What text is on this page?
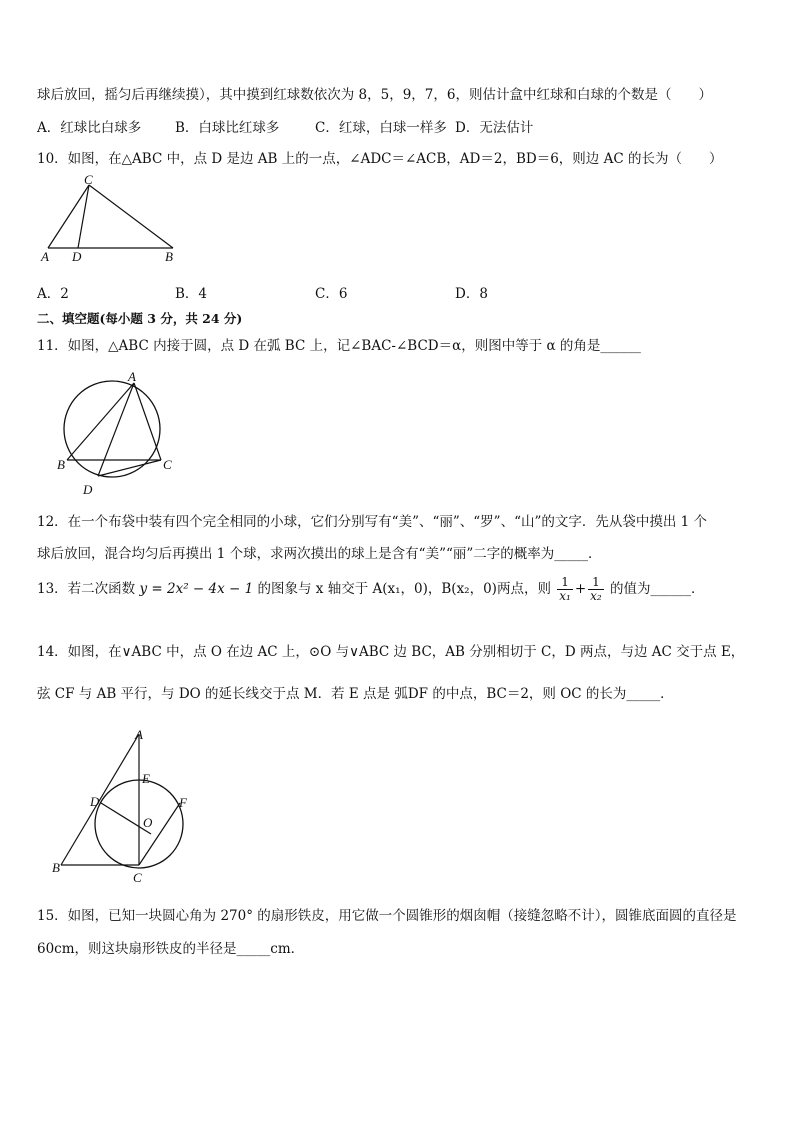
球后放回，摇匀后再继续摸），其中摸到红球数依次为 8，5，9，7，6，则估计盒中红球和白球的个数是（　　）
A．红球比白球多	B．白球比红球多	C．红球，白球一样多 D．无法估计
10．如图，在△ABC 中，点 D 是边 AB 上的一点，∠ADC＝∠ACB，AD＝2，BD＝6，则边 AC 的长为（　　）
C
A D	B
A．2	B．4	C．6	D．8
二、填空题(每小题 3 分，共 24 分)
11．如图，△ABC 内接于圆，点 D 在弧 BC 上，记∠BAC-∠BCD＝α，则图中等于 α 的角是______
A
B	C
D
12．在一个布袋中装有四个完全相同的小球，它们分别写有“美”、“丽”、“罗”、“山”的文字．先从袋中摸出 1 个
球后放回，混合均匀后再摸出 1 个球，求两次摸出的球上是含有“美”“丽”二字的概率为_____．
13．若二次函数 y = 2x² − 4x − 1 的图象与 x 轴交于 A(x₁，0)，B(x₂，0)两点，则 $\frac{1}{\text{x₁}} + \frac{1}{\text{x₂}}$ 的值为______．
14．如图，在∨ABC 中，点 O 在边 AC 上，⊙O 与∨ABC 边 BC，AB 分别相切于 C，D 两点，与边 AC 交于点 E，
弦 CF 与 AB 平行，与 DO 的延长线交于点 M．若 E 点是 弧DF 的中点，BC＝2，则 OC 的长为_____．
A
E
D	F
O
B
C
15．如图，已知一块圆心角为 270° 的扇形铁皮，用它做一个圆锥形的烟囱帽（接缝忽略不计），圆锥底面圆的直径是
60cm，则这块扇形铁皮的半径是_____cm．
